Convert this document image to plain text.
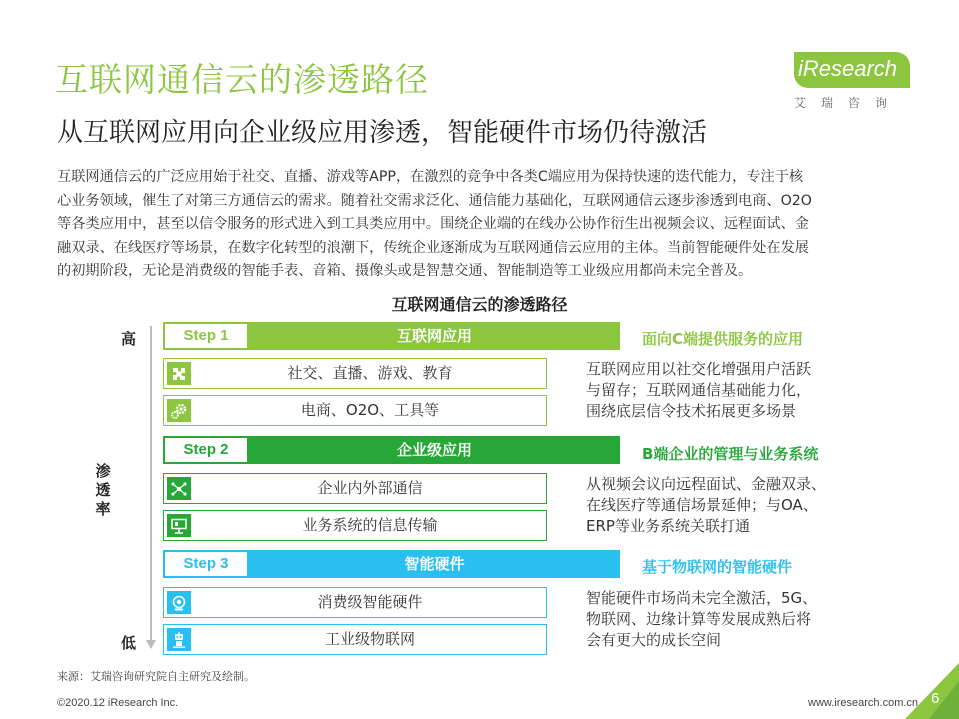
互联网通信云的渗透路径
从互联网应用向企业级应用渗透，智能硬件市场仍待激活
iResearch
艾瑞咨询
互联网通信云的广泛应用始于社交、直播、游戏等APP，在激烈的竞争中各类C端应用为保持快速的迭代能力，专注于核
心业务领域，催生了对第三方通信云的需求。随着社交需求泛化、通信能力基础化，互联网通信云逐步渗透到电商、O2O
等各类应用中，甚至以信令服务的形式进入到工具类应用中。围绕企业端的在线办公协作衍生出视频会议、远程面试、金
融双录、在线医疗等场景，在数字化转型的浪潮下，传统企业逐渐成为互联网通信云应用的主体。当前智能硬件处在发展
的初期阶段，无论是消费级的智能手表、音箱、摄像头或是智慧交通、智能制造等工业级应用都尚未完全普及。
互联网通信云的渗透路径
高
渗透率
低
Step 1	互联网应用
社交、直播、游戏、教育
电商、O2O、工具等
Step 2	企业级应用
企业内外部通信
业务系统的信息传输
Step 3	智能硬件
消费级智能硬件
工业级物联网
面向C端提供服务的应用
互联网应用以社交化增强用户活跃
与留存；互联网通信基础能力化，
围绕底层信令技术拓展更多场景
B端企业的管理与业务系统
从视频会议向远程面试、金融双录、
在线医疗等通信场景延伸；与OA、
ERP等业务系统关联打通
基于物联网的智能硬件
智能硬件市场尚未完全激活，5G、
物联网、边缘计算等发展成熟后将
会有更大的成长空间
来源：艾瑞咨询研究院自主研究及绘制。
©2020.12 iResearch Inc.	www.iresearch.com.cn 6
